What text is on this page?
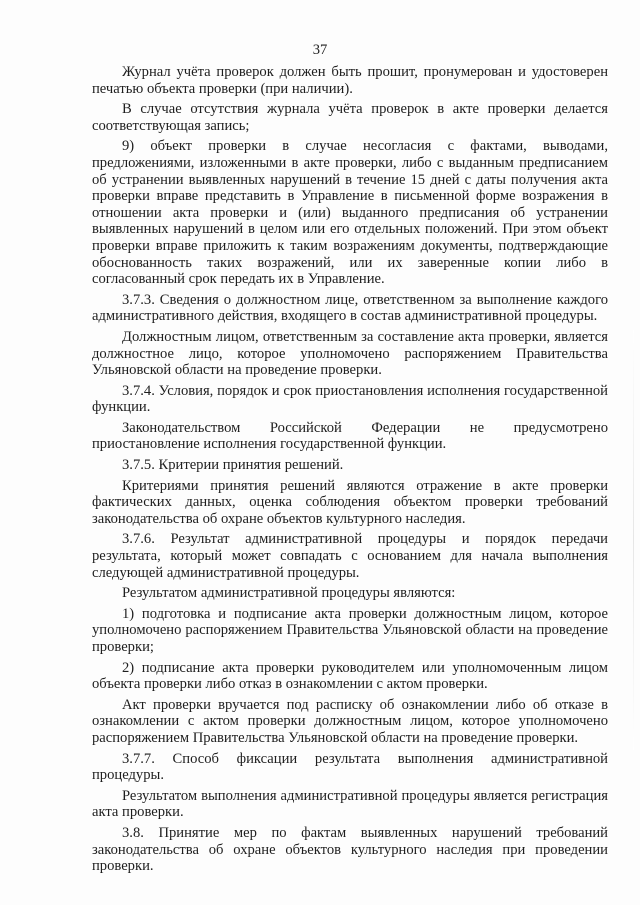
37

Журнал учёта проверок должен быть прошит, пронумерован и удостоверен печатью объекта проверки (при наличии).

В случае отсутствия журнала учёта проверок в акте проверки делается соответствующая запись;

9) объект проверки в случае несогласия с фактами, выводами, предложениями, изложенными в акте проверки, либо с выданным предписанием об устранении выявленных нарушений в течение 15 дней с даты получения акта проверки вправе представить в Управление в письменной форме возражения в отношении акта проверки и (или) выданного предписания об устранении выявленных нарушений в целом или его отдельных положений. При этом объект проверки вправе приложить к таким возражениям документы, подтверждающие обоснованность таких возражений, или их заверенные копии либо в согласованный срок передать их в Управление.

3.7.3. Сведения о должностном лице, ответственном за выполнение каждого административного действия, входящего в состав административной процедуры.

Должностным лицом, ответственным за составление акта проверки, является должностное лицо, которое уполномочено распоряжением Правительства Ульяновской области на проведение проверки.

3.7.4. Условия, порядок и срок приостановления исполнения государственной функции.

Законодательством Российской Федерации не предусмотрено приостановление исполнения государственной функции.

3.7.5. Критерии принятия решений.

Критериями принятия решений являются отражение в акте проверки фактических данных, оценка соблюдения объектом проверки требований законодательства об охране объектов культурного наследия.

3.7.6. Результат административной процедуры и порядок передачи результата, который может совпадать с основанием для начала выполнения следующей административной процедуры.

Результатом административной процедуры являются:

1) подготовка и подписание акта проверки должностным лицом, которое уполномочено распоряжением Правительства Ульяновской области на проведение проверки;

2) подписание акта проверки руководителем или уполномоченным лицом объекта проверки либо отказ в ознакомлении с актом проверки.

Акт проверки вручается под расписку об ознакомлении либо об отказе в ознакомлении с актом проверки должностным лицом, которое уполномочено распоряжением Правительства Ульяновской области на проведение проверки.

3.7.7. Способ фиксации результата выполнения административной процедуры.

Результатом выполнения административной процедуры является регистрация акта проверки.

3.8. Принятие мер по фактам выявленных нарушений требований законодательства об охране объектов культурного наследия при проведении проверки.
